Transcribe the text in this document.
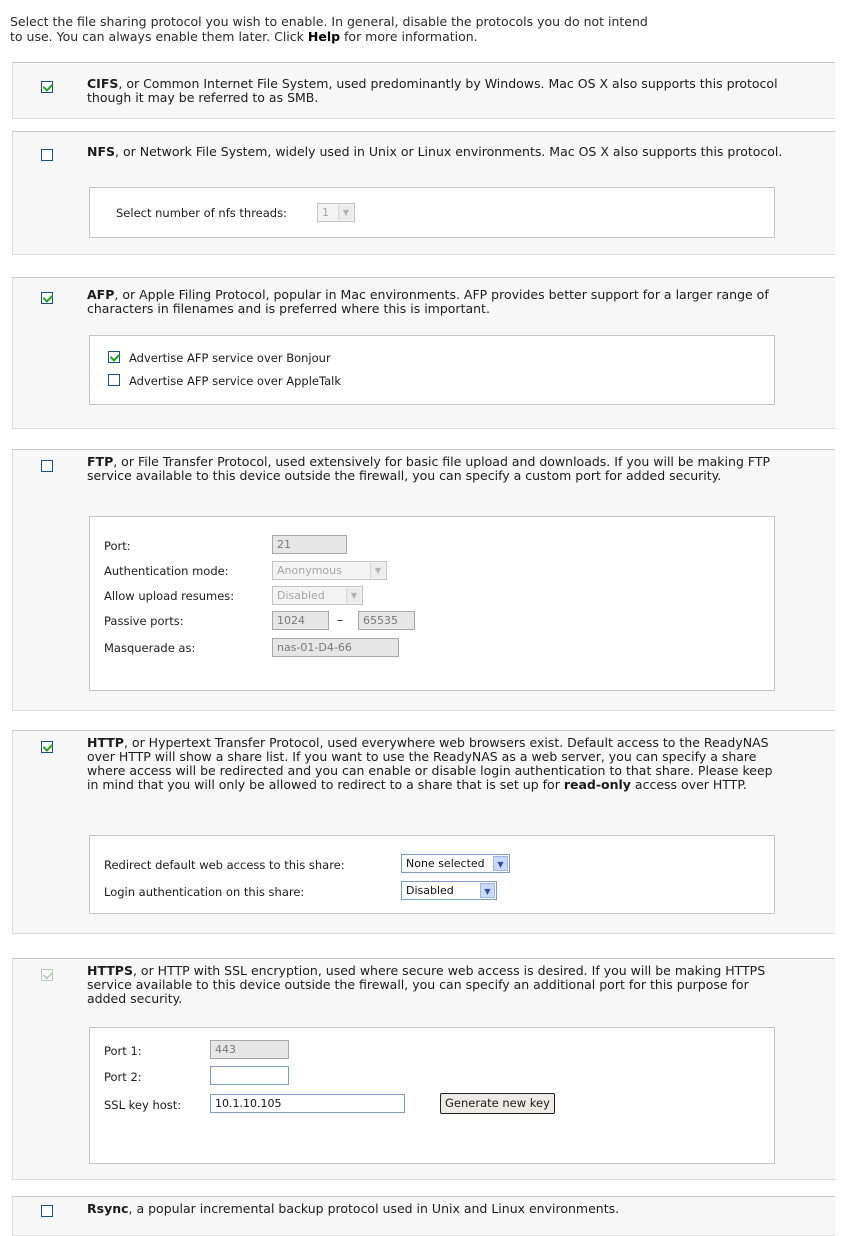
Select the file sharing protocol you wish to enable. In general, disable the protocols you do not intend
to use. You can always enable them later. Click Help for more information.
CIFS, or Common Internet File System, used predominantly by Windows. Mac OS X also supports this protocol though it may be referred to as SMB.
NFS, or Network File System, widely used in Unix or Linux environments. Mac OS X also supports this protocol.
Select number of nfs threads:	1	▼
AFP, or Apple Filing Protocol, popular in Mac environments. AFP provides better support for a larger range of characters in filenames and is preferred where this is important.
Advertise AFP service over Bonjour
Advertise AFP service over AppleTalk
FTP, or File Transfer Protocol, used extensively for basic file upload and downloads. If you will be making FTP service available to this device outside the firewall, you can specify a custom port for added security.
Port:	21
Authentication mode:	Anonymous	▼
Allow upload resumes:	Disabled	▼
Passive ports:	1024	–	65535
Masquerade as:	nas-01-D4-66
HTTP, or Hypertext Transfer Protocol, used everywhere web browsers exist. Default access to the ReadyNAS over HTTP will show a share list. If you want to use the ReadyNAS as a web server, you can specify a share where access will be redirected and you can enable or disable login authentication to that share. Please keep in mind that you will only be allowed to redirect to a share that is set up for read-only access over HTTP.
Redirect default web access to this share:	None selected	▼
Login authentication on this share:	Disabled	▼
HTTPS, or HTTP with SSL encryption, used where secure web access is desired. If you will be making HTTPS service available to this device outside the firewall, you can specify an additional port for this purpose for added security.
Port 1:	443
Port 2:
SSL key host:	10.1.10.105	Generate new key
Rsync, a popular incremental backup protocol used in Unix and Linux environments.
